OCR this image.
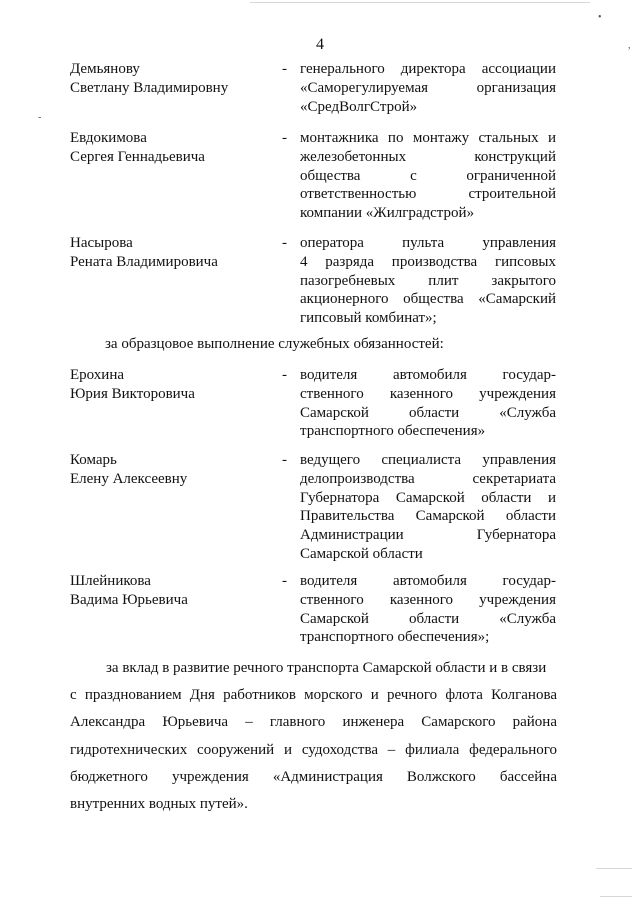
•
,
-
4
Демьянову
Светлану Владимировну
- генерального директора ассоциации
«Саморегулируемая организация
«СредВолгСтрой»
Евдокимова
Сергея Геннадьевича
- монтажника по монтажу стальных и
железобетонных конструкций
общества с ограниченной
ответственностью строительной
компании «Жилградстрой»
Насырова
Рената Владимировича
- оператора пульта управления
4 разряда производства гипсовых
пазогребневых плит закрытого
акционерного общества «Самарский
гипсовый комбинат»;
за образцовое выполнение служебных обязанностей:
Ерохина
Юрия Викторовича
- водителя автомобиля государ-
ственного казенного учреждения
Самарской области «Служба
транспортного обеспечения»
Комарь
Елену Алексеевну
- ведущего специалиста управления
делопроизводства секретариата
Губернатора Самарской области и
Правительства Самарской области
Администрации Губернатора
Самарской области
Шлейникова
Вадима Юрьевича
- водителя автомобиля государ-
ственного казенного учреждения
Самарской области «Служба
транспортного обеспечения»;
за вклад в развитие речного транспорта Самарской области и в связи
с празднованием Дня работников морского и речного флота Колганова
Александра Юрьевича – главного инженера Самарского района
гидротехнических сооружений и судоходства – филиала федерального
бюджетного учреждения «Администрация Волжского бассейна
внутренних водных путей».
